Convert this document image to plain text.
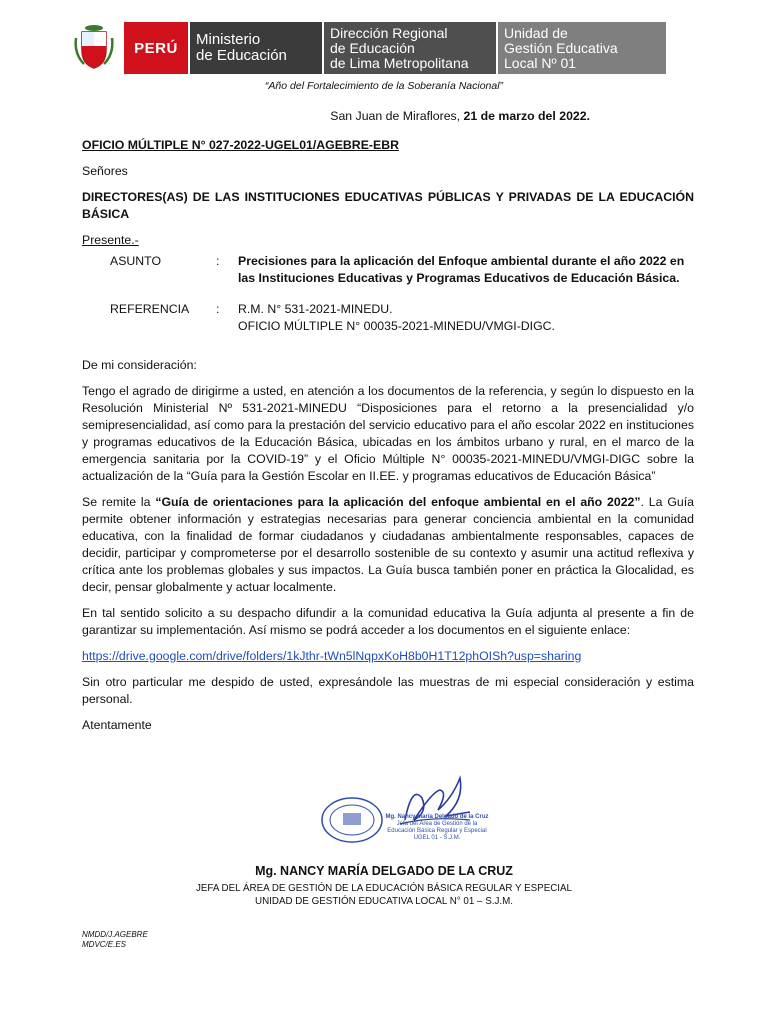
PERÚ Ministerio
de Educación
Dirección Regional
de Educación
de Lima Metropolitana
Unidad de
Gestión Educativa
Local Nº 01
“Año del Fortalecimiento de la Soberanía Nacional”
San Juan de Miraflores, 21 de marzo del 2022.
OFICIO MÚLTIPLE N° 027-2022-UGEL01/AGEBRE-EBR
Señores
DIRECTORES(AS) DE LAS INSTITUCIONES EDUCATIVAS PÚBLICAS Y PRIVADAS DE LA EDUCACIÓN BÁSICA
Presente.-
ASUNTO	:	Precisiones para la aplicación del Enfoque ambiental durante el año 2022 en las Instituciones Educativas y Programas Educativos de Educación Básica.
REFERENCIA	:	R.M. N° 531-2021-MINEDU.
OFICIO MÚLTIPLE N° 00035-2021-MINEDU/VMGI-DIGC.
De mi consideración:
Tengo el agrado de dirigirme a usted, en atención a los documentos de la referencia, y según lo dispuesto en la Resolución Ministerial Nº 531-2021-MINEDU “Disposiciones para el retorno a la presencialidad y/o semipresencialidad, así como para la prestación del servicio educativo para el año escolar 2022 en instituciones y programas educativos de la Educación Básica, ubicadas en los ámbitos urbano y rural, en el marco de la emergencia sanitaria por la COVID-19” y el Oficio Múltiple N° 00035-2021-MINEDU/VMGI-DIGC sobre la actualización de la “Guía para la Gestión Escolar en II.EE. y programas educativos de Educación Básica”
Se remite la “Guía de orientaciones para la aplicación del enfoque ambiental en el año 2022”. La Guía permite obtener información y estrategias necesarias para generar conciencia ambiental en la comunidad educativa, con la finalidad de formar ciudadanos y ciudadanas ambientalmente responsables, capaces de decidir, participar y comprometerse por el desarrollo sostenible de su contexto y asumir una actitud reflexiva y crítica ante los problemas globales y sus impactos. La Guía busca también poner en práctica la Glocalidad, es decir, pensar globalmente y actuar localmente.
En tal sentido solicito a su despacho difundir a la comunidad educativa la Guía adjunta al presente a fin de garantizar su implementación. Así mismo se podrá acceder a los documentos en el siguiente enlace:
https://drive.google.com/drive/folders/1kJthr-tWn5lNqpxKoH8b0H1T12phOISh?usp=sharing
Sin otro particular me despido de usted, expresándole las muestras de mi especial consideración y estima personal.
Atentamente
Mg. Nancy María Delgado de la Cruz
Jefa del Área de Gestión de la
Educación Básica Regular y Especial
UGEL 01 - S.J.M.
Mg. NANCY MARÍA DELGADO DE LA CRUZ
JEFA DEL ÁREA DE GESTIÓN DE LA EDUCACIÓN BÁSICA REGULAR Y ESPECIAL
UNIDAD DE GESTIÓN EDUCATIVA LOCAL N° 01 – S.J.M.
NMDD/J.AGEBRE
MDVC/E.ES
